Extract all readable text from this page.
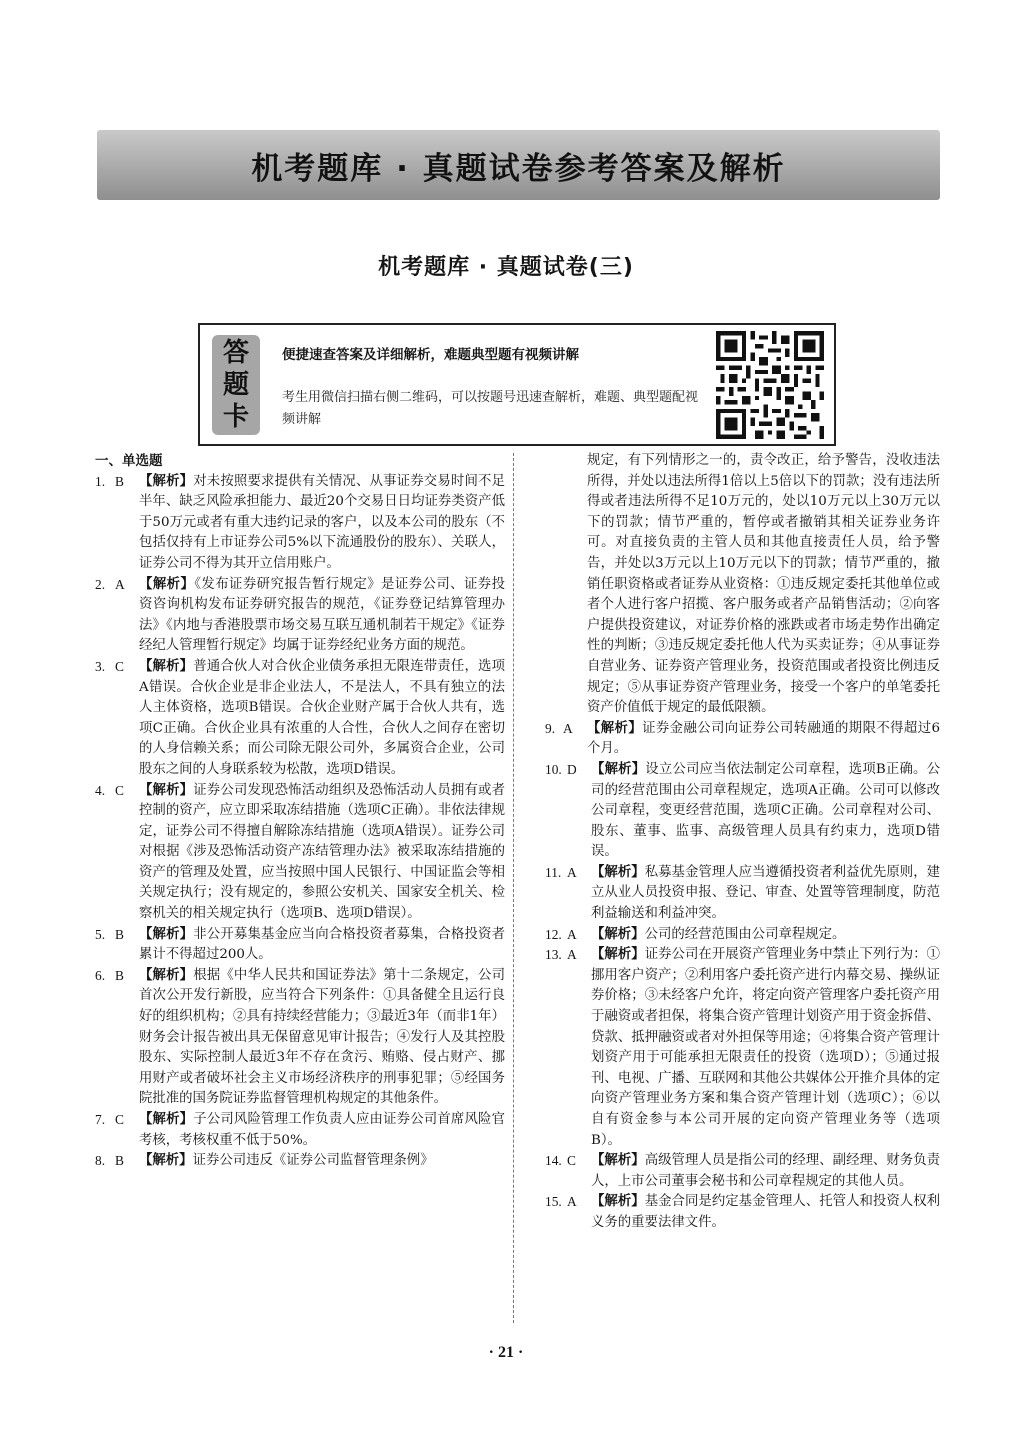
机考题库 · 真题试卷参考答案及解析
机考题库 · 真题试卷(三)
答
题
卡
便捷速查答案及详细解析，难题典型题有视频讲解
考生用微信扫描右侧二维码，可以按题号迅速查解析，难题、典型题配视频讲解
一、单选题
1. B	【解析】对未按照要求提供有关情况、从事证券交易时间不足半年、缺乏风险承担能力、最近20个交易日日均证券类资产低于50万元或者有重大违约记录的客户，以及本公司的股东（不包括仅持有上市证券公司5%以下流通股份的股东）、关联人，证券公司不得为其开立信用账户。
2. A	【解析】《发布证券研究报告暂行规定》是证券公司、证券投资咨询机构发布证券研究报告的规范，《证券登记结算管理办法》《内地与香港股票市场交易互联互通机制若干规定》《证券经纪人管理暂行规定》均属于证券经纪业务方面的规范。
3. C	【解析】普通合伙人对合伙企业债务承担无限连带责任，选项A错误。合伙企业是非企业法人，不是法人，不具有独立的法人主体资格，选项B错误。合伙企业财产属于合伙人共有，选项C正确。合伙企业具有浓重的人合性，合伙人之间存在密切的人身信赖关系；而公司除无限公司外，多属资合企业，公司股东之间的人身联系较为松散，选项D错误。
4. C	【解析】证券公司发现恐怖活动组织及恐怖活动人员拥有或者控制的资产，应立即采取冻结措施（选项C正确）。非依法律规定，证券公司不得擅自解除冻结措施（选项A错误）。证券公司对根据《涉及恐怖活动资产冻结管理办法》被采取冻结措施的资产的管理及处置，应当按照中国人民银行、中国证监会等相关规定执行；没有规定的，参照公安机关、国家安全机关、检察机关的相关规定执行（选项B、选项D错误）。
5. B	【解析】非公开募集基金应当向合格投资者募集，合格投资者累计不得超过200人。
6. B	【解析】根据《中华人民共和国证券法》第十二条规定，公司首次公开发行新股，应当符合下列条件：①具备健全且运行良好的组织机构；②具有持续经营能力；③最近3年（而非1年）财务会计报告被出具无保留意见审计报告；④发行人及其控股股东、实际控制人最近3年不存在贪污、贿赂、侵占财产、挪用财产或者破坏社会主义市场经济秩序的刑事犯罪；⑤经国务院批准的国务院证券监督管理机构规定的其他条件。
7. C	【解析】子公司风险管理工作负责人应由证券公司首席风险官考核，考核权重不低于50%。
8. B	【解析】证券公司违反《证券公司监督管理条例》
规定，有下列情形之一的，责令改正，给予警告，没收违法所得，并处以违法所得1倍以上5倍以下的罚款；没有违法所得或者违法所得不足10万元的，处以10万元以上30万元以下的罚款；情节严重的，暂停或者撤销其相关证券业务许可。对直接负责的主管人员和其他直接责任人员，给予警告，并处以3万元以上10万元以下的罚款；情节严重的，撤销任职资格或者证券从业资格：①违反规定委托其他单位或者个人进行客户招揽、客户服务或者产品销售活动；②向客户提供投资建议，对证券价格的涨跌或者市场走势作出确定性的判断；③违反规定委托他人代为买卖证券；④从事证券自营业务、证券资产管理业务，投资范围或者投资比例违反规定；⑤从事证券资产管理业务，接受一个客户的单笔委托资产价值低于规定的最低限额。
9. A	【解析】证券金融公司向证券公司转融通的期限不得超过6个月。
10. D	【解析】设立公司应当依法制定公司章程，选项B正确。公司的经营范围由公司章程规定，选项A正确。公司可以修改公司章程，变更经营范围，选项C正确。公司章程对公司、股东、董事、监事、高级管理人员具有约束力，选项D错误。
11. A	【解析】私募基金管理人应当遵循投资者利益优先原则，建立从业人员投资申报、登记、审查、处置等管理制度，防范利益输送和利益冲突。
12. A	【解析】公司的经营范围由公司章程规定。
13. A	【解析】证券公司在开展资产管理业务中禁止下列行为：①挪用客户资产；②利用客户委托资产进行内幕交易、操纵证券价格；③未经客户允许，将定向资产管理客户委托资产用于融资或者担保，将集合资产管理计划资产用于资金拆借、贷款、抵押融资或者对外担保等用途；④将集合资产管理计划资产用于可能承担无限责任的投资（选项D）；⑤通过报刊、电视、广播、互联网和其他公共媒体公开推介具体的定向资产管理业务方案和集合资产管理计划（选项C）；⑥以自有资金参与本公司开展的定向资产管理业务等（选项B）。
14. C	【解析】高级管理人员是指公司的经理、副经理、财务负责人，上市公司董事会秘书和公司章程规定的其他人员。
15. A	【解析】基金合同是约定基金管理人、托管人和投资人权利义务的重要法律文件。
· 21 ·
